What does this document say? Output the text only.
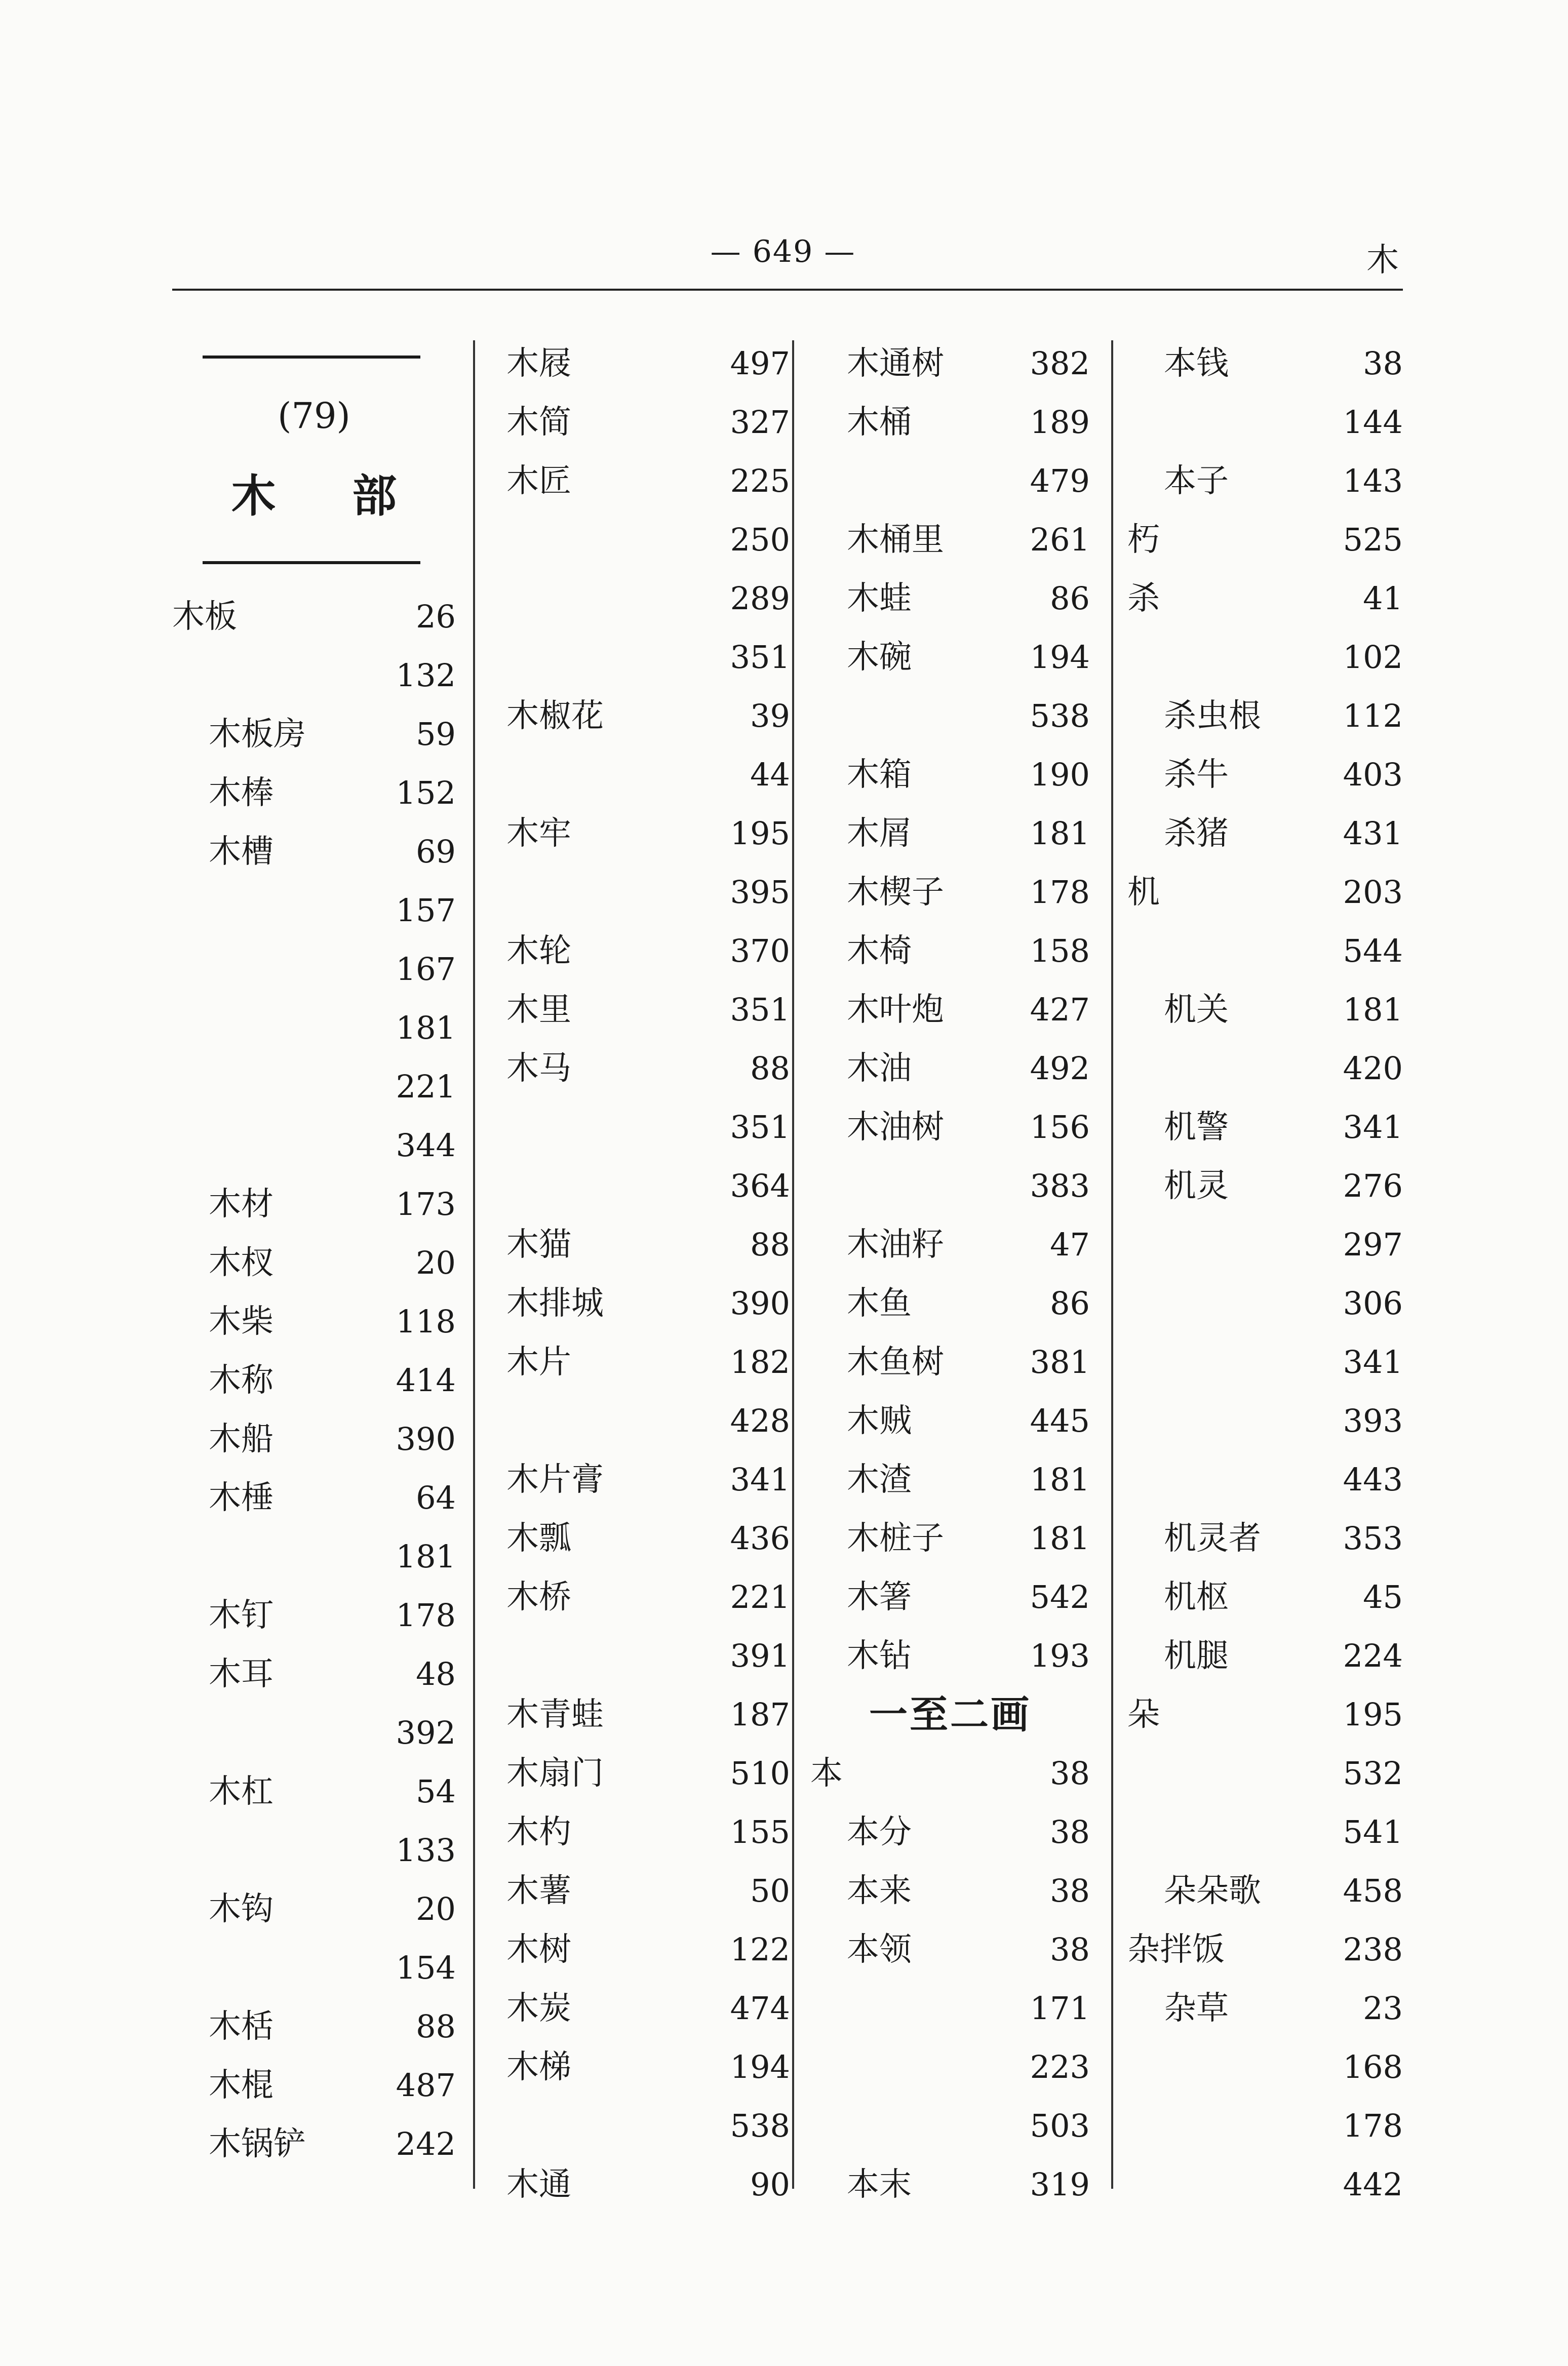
— 649 —	木
(79)
木 部
木板	26
132
木板房	59
木棒	152
木槽	69
157
167
181
221
344
木材	173
木杈	20
木柴	118
木称	414
木船	390
木棰	64
181
木钉	178
木耳	48
392
木杠	54
133
木钩	20
154
木栝	88
木棍	487
木锅铲	242
木屐	497
木简	327
木匠	225
250
289
351
木椒花	39
44
木牢	195
395
木轮	370
木里	351
木马	88
351
364
木猫	88
木排城	390
木片	182
428
木片膏	341
木瓢	436
木桥	221
391
木青蛙	187
木扇门	510
木杓	155
木薯	50
木树	122
木炭	474
木梯	194
538
木通	90
木通树	382
木桶	189
479
木桶里	261
木蛙	86
木碗	194
538
木箱	190
木屑	181
木楔子	178
木椅	158
木叶炮	427
木油	492
木油树	156
383
木油籽	47
木鱼	86
木鱼树	381
木贼	445
木渣	181
木桩子	181
木箸	542
木钻	193
一至二画
本	38
本分	38
本来	38
本领	38
171
223
503
本末	319
本钱	38
144
本子	143
朽	525
杀	41
102
杀虫根	112
杀牛	403
杀猪	431
机	203
544
机关	181
420
机警	341
机灵	276
297
306
341
393
443
机灵者	353
机枢	45
机腿	224
朵	195
532
541
朵朵歌	458
杂拌饭	238
杂草	23
168
178
442
